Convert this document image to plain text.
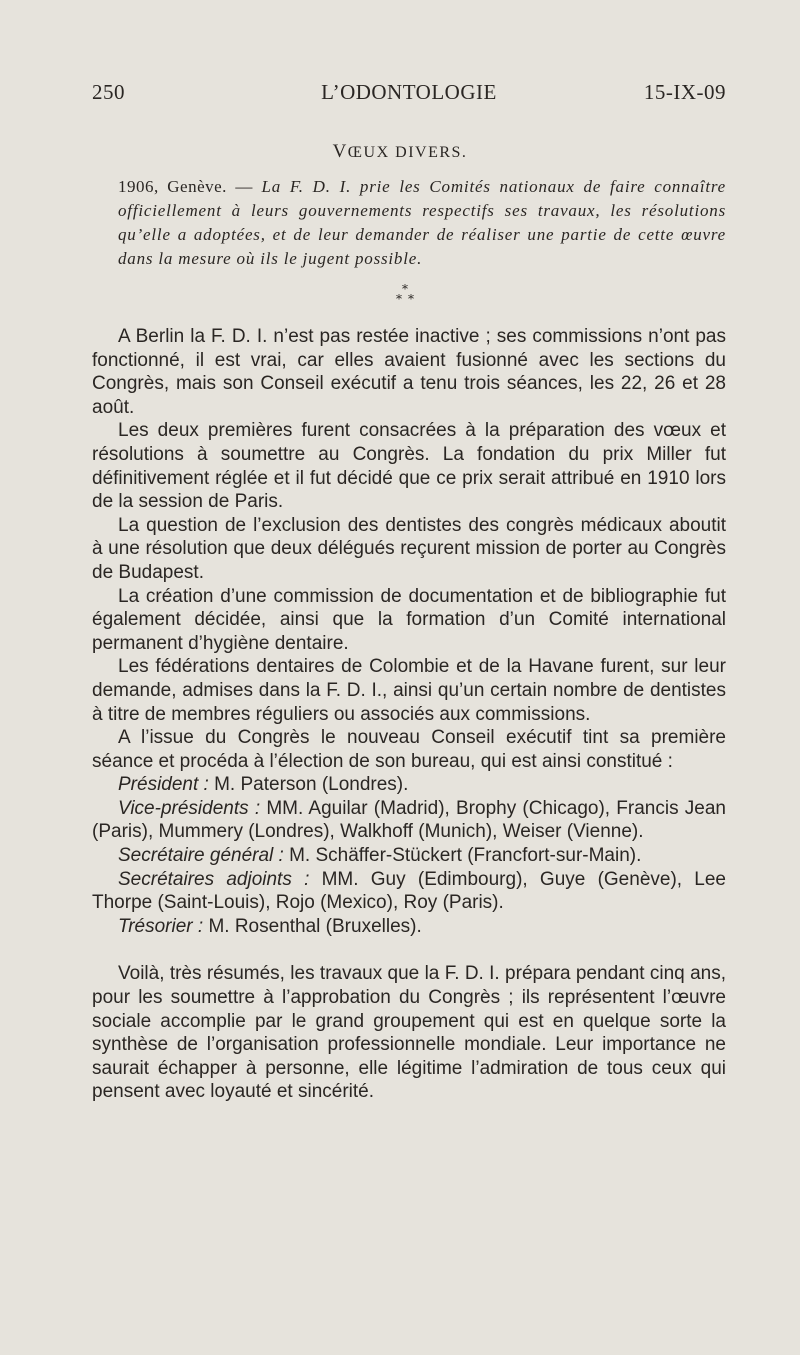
250	L’ODONTOLOGIE	15-IX-09
VŒUX DIVERS.

1906, Genève. — La F. D. I. prie les Comités nationaux de faire connaître officiellement à leurs gouvernements respectifs ses travaux, les résolutions qu’elle a adoptées, et de leur demander de réaliser une partie de cette œuvre dans la mesure où ils le jugent possible.

*
* *

A Berlin la F. D. I. n’est pas restée inactive ; ses commissions n’ont pas fonctionné, il est vrai, car elles avaient fusionné avec les sections du Congrès, mais son Conseil exécutif a tenu trois séances, les 22, 26 et 28 août.

Les deux premières furent consacrées à la préparation des vœux et résolutions à soumettre au Congrès. La fondation du prix Miller fut définitivement réglée et il fut décidé que ce prix serait attribué en 1910 lors de la session de Paris.

La question de l’exclusion des dentistes des congrès médicaux aboutit à une résolution que deux délégués reçurent mission de porter au Congrès de Budapest.

La création d’une commission de documentation et de bibliographie fut également décidée, ainsi que la formation d’un Comité international permanent d’hygiène dentaire.

Les fédérations dentaires de Colombie et de la Havane furent, sur leur demande, admises dans la F. D. I., ainsi qu’un certain nombre de dentistes à titre de membres réguliers ou associés aux commissions.

A l’issue du Congrès le nouveau Conseil exécutif tint sa première séance et procéda à l’élection de son bureau, qui est ainsi constitué :

Président : M. Paterson (Londres).

Vice-présidents : MM. Aguilar (Madrid), Brophy (Chicago), Francis Jean (Paris), Mummery (Londres), Walkhoff (Munich), Weiser (Vienne).

Secrétaire général : M. Schäffer-Stückert (Francfort-sur-Main).

Secrétaires adjoints : MM. Guy (Edimbourg), Guye (Genève), Lee Thorpe (Saint-Louis), Rojo (Mexico), Roy (Paris).

Trésorier : M. Rosenthal (Bruxelles).

Voilà, très résumés, les travaux que la F. D. I. prépara pendant cinq ans, pour les soumettre à l’approbation du Congrès ; ils représentent l’œuvre sociale accomplie par le grand groupement qui est en quelque sorte la synthèse de l’organisation professionnelle mondiale. Leur importance ne saurait échapper à personne, elle légitime l’admiration de tous ceux qui pensent avec loyauté et sincérité.
